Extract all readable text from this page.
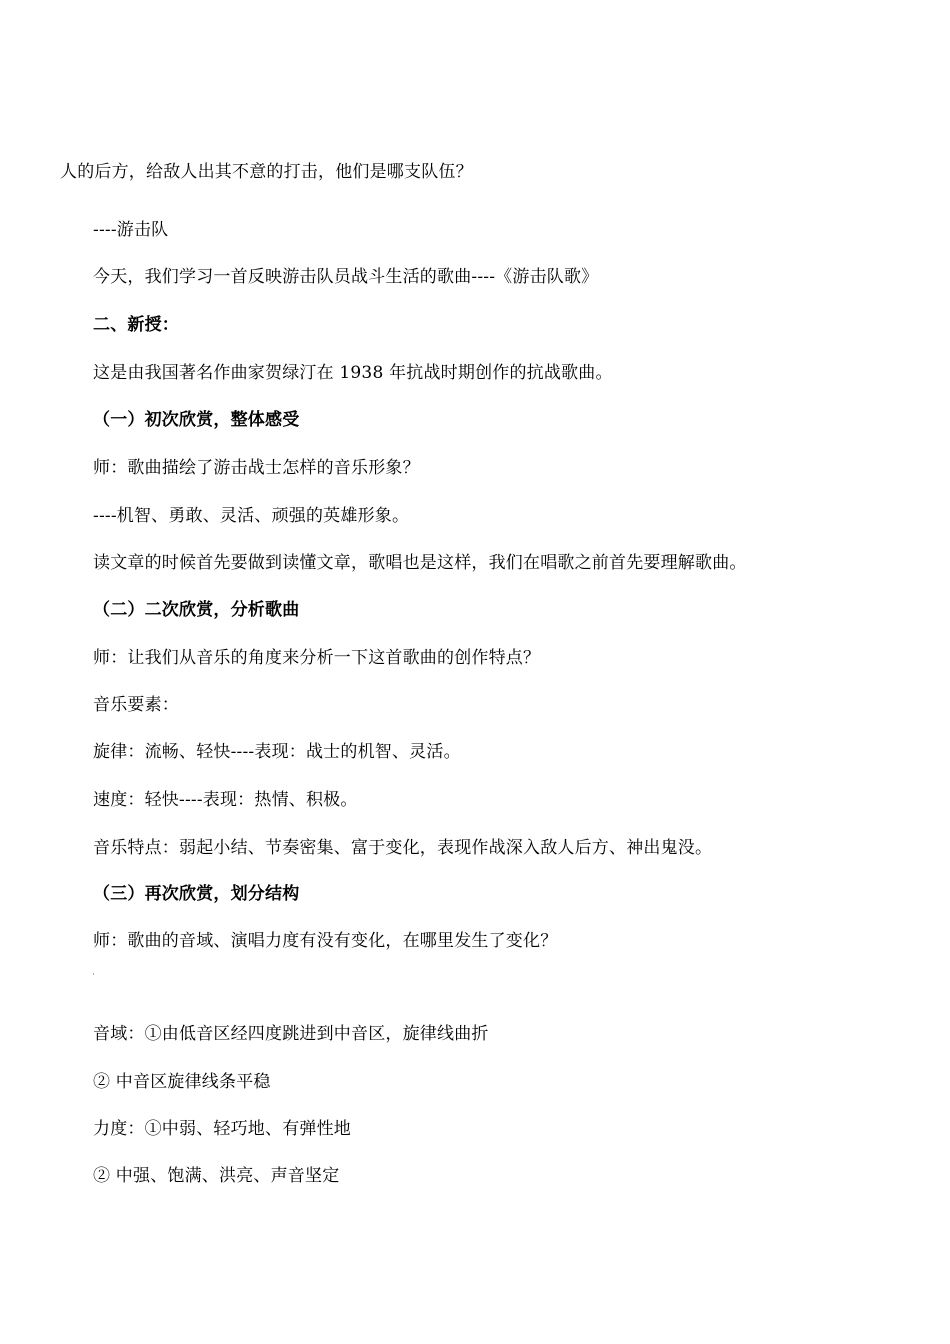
人的后方，给敌人出其不意的打击，他们是哪支队伍？
----游击队
今天，我们学习一首反映游击队员战斗生活的歌曲----《游击队歌》
二、新授：
这是由我国著名作曲家贺绿汀在 1938 年抗战时期创作的抗战歌曲。
（一）初次欣赏，整体感受
师：歌曲描绘了游击战士怎样的音乐形象？
----机智、勇敢、灵活、顽强的英雄形象。
读文章的时候首先要做到读懂文章，歌唱也是这样，我们在唱歌之前首先要理解歌曲。
（二）二次欣赏，分析歌曲
师：让我们从音乐的角度来分析一下这首歌曲的创作特点？
音乐要素：
旋律：流畅、轻快----表现：战士的机智、灵活。
速度：轻快----表现：热情、积极。
音乐特点：弱起小结、节奏密集、富于变化，表现作战深入敌人后方、神出鬼没。
（三）再次欣赏，划分结构
师：歌曲的音域、演唱力度有没有变化，在哪里发生了变化？
音域：①由低音区经四度跳进到中音区，旋律线曲折
② 中音区旋律线条平稳
力度：①中弱、轻巧地、有弹性地
② 中强、饱满、洪亮、声音坚定
